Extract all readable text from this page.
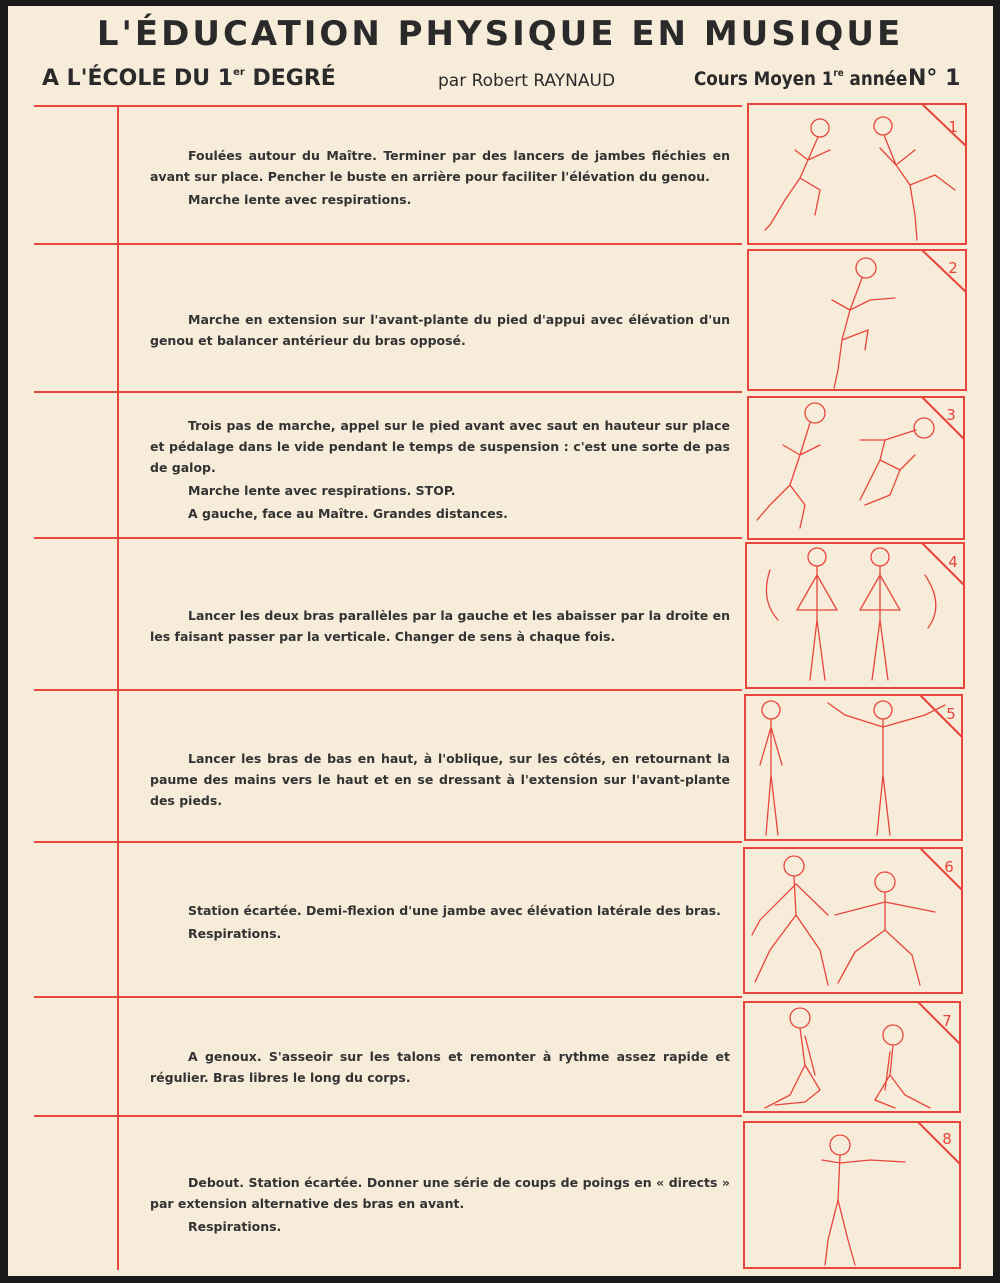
L'ÉDUCATION PHYSIQUE EN MUSIQUE
A L'ÉCOLE DU 1er DEGRÉ	par Robert RAYNAUD	Cours Moyen 1re année N° 1
1
2
3
4
5
6
7
8

Foulées autour du Maître. Terminer par des lancers de jambes fléchies en avant sur place. Pencher le buste en arrière pour faciliter l'élévation du genou.

Marche lente avec respirations.

Marche en extension sur l'avant-plante du pied d'appui avec élévation d'un genou et balancer antérieur du bras opposé.

Trois pas de marche, appel sur le pied avant avec saut en hauteur sur place et pédalage dans le vide pendant le temps de suspension : c'est une sorte de pas de galop.

Marche lente avec respirations. STOP.

A gauche, face au Maître. Grandes distances.

Lancer les deux bras parallèles par la gauche et les abaisser par la droite en les faisant passer par la verticale. Changer de sens à chaque fois.

Lancer les bras de bas en haut, à l'oblique, sur les côtés, en retournant la paume des mains vers le haut et en se dressant à l'extension sur l'avant-plante des pieds.

Station écartée. Demi-flexion d'une jambe avec élévation latérale des bras.

Respirations.

A genoux. S'asseoir sur les talons et remonter à rythme assez rapide et régulier. Bras libres le long du corps.

Debout. Station écartée. Donner une série de coups de poings en « directs » par extension alternative des bras en avant.

Respirations.
